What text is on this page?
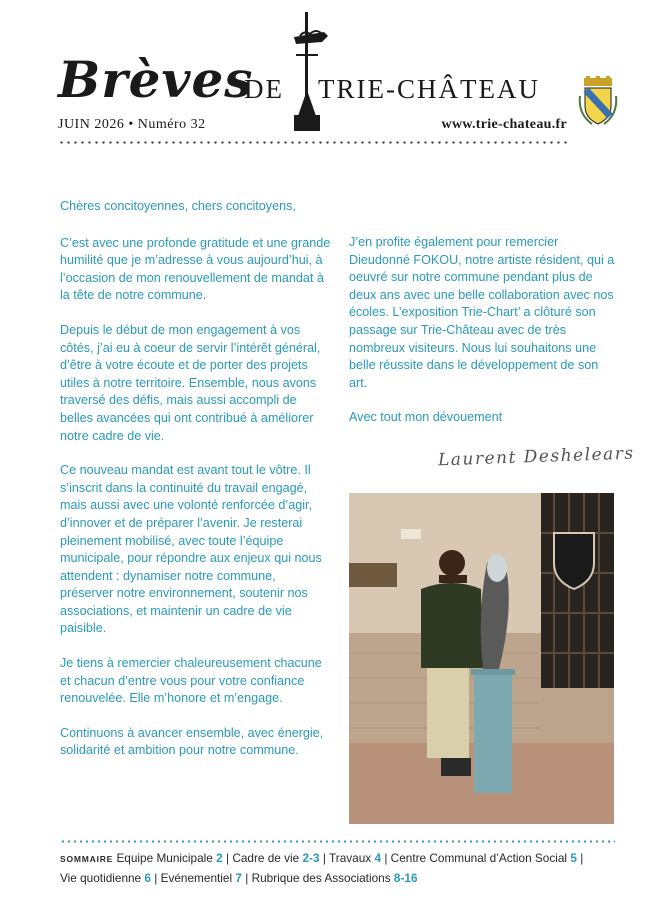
Brèves
DE TRIE-CHÂTEAU
JUIN 2026 • Numéro 32	www.trie-chateau.fr

Chères concitoyennes, chers concitoyens,

C’est avec une profonde gratitude et une grande humilité que je m’adresse à vous aujourd’hui, à l’occasion de mon renouvellement de mandat à la tête de notre commune.

Depuis le début de mon engagement à vos côtés, j’ai eu à coeur de servir l’intérêt général, d’être à votre écoute et de porter des projets utiles à notre territoire. Ensemble, nous avons traversé des défis, mais aussi accompli de belles avancées qui ont contribué à améliorer notre cadre de vie.

Ce nouveau mandat est avant tout le vôtre. Il s’inscrit dans la continuité du travail engagé, mais aussi avec une volonté renforcée d’agir, d’innover et de préparer l’avenir. Je resterai pleinement mobilisé, avec toute l’équipe municipale, pour répondre aux enjeux qui nous attendent : dynamiser notre commune, préserver notre environnement, soutenir nos associations, et maintenir un cadre de vie paisible.

Je tiens à remercier chaleureusement chacune et chacun d’entre vous pour votre confiance renouvelée. Elle m’honore et m’engage.

Continuons à avancer ensemble, avec énergie, solidarité et ambition pour notre commune.

J’en profite également pour remercier Dieudonné FOKOU, notre artiste résident, qui a oeuvré sur notre commune pendant plus de deux ans avec une belle collaboration avec nos écoles. L’exposition Trie-Chart’ a clôturé son passage sur Trie-Château avec de très nombreux visiteurs. Nous lui souhaitons une belle réussite dans le développement de son art.

Avec tout mon dévouement

Laurent Deshelears
SOMMAIRE Equipe Municipale 2 | Cadre de vie 2-3 | Travaux 4 | Centre Communal d’Action Social 5 |
Vie quotidienne 6 | Evénementiel 7 | Rubrique des Associations 8-16
